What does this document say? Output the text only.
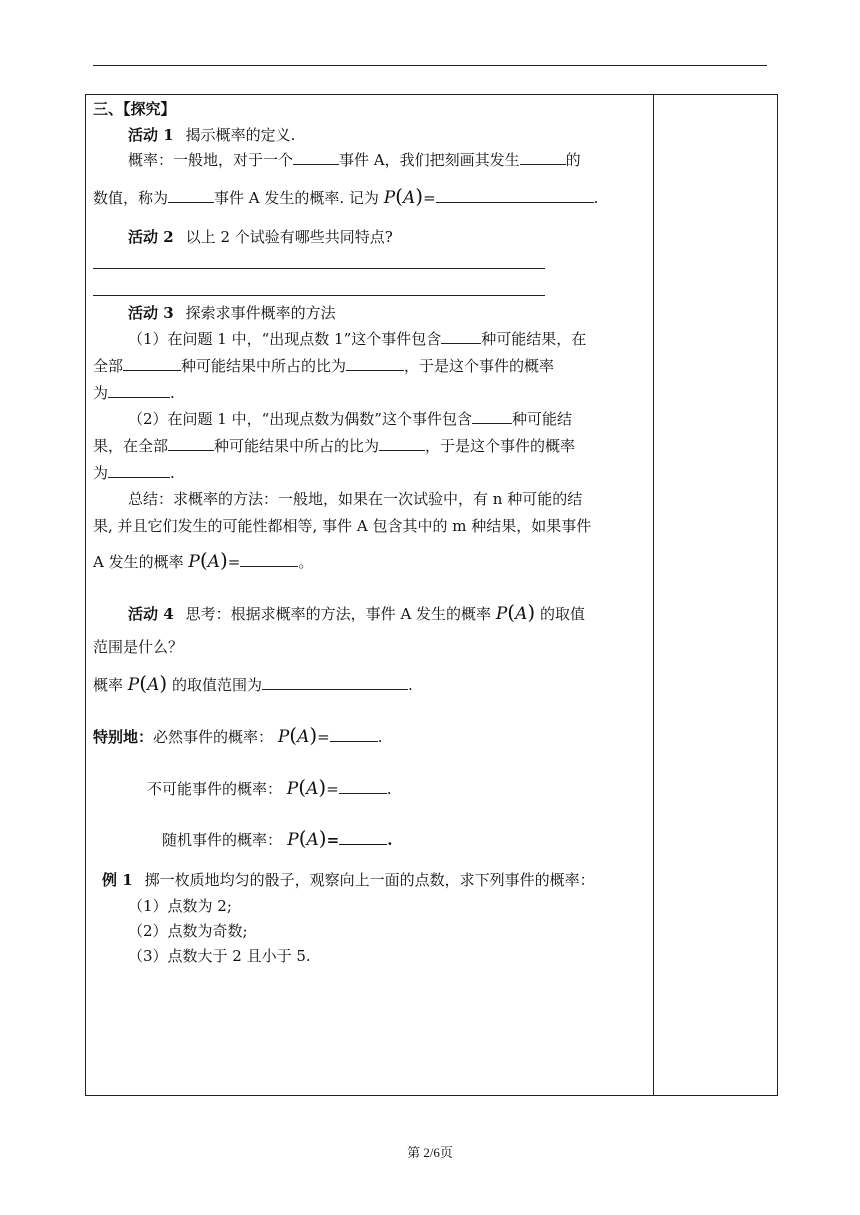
三、【探究】
活动 1 揭示概率的定义.
概率：一般地，对于一个	事件 A，我们把刻画其发生	的
数值，称为	事件 A 发生的概率. 记为 P(A)=	.
活动 2 以上 2 个试验有哪些共同特点?
活动 3 探索求事件概率的方法
（1）在问题 1 中，“出现点数 1”这个事件包含	种可能结果，在
全部	种可能结果中所占的比为	，于是这个事件的概率
为	.
（2）在问题 1 中，“出现点数为偶数”这个事件包含	种可能结
果，在全部	种可能结果中所占的比为	，于是这个事件的概率
为	.
总结：求概率的方法：一般地，如果在一次试验中，有 n 种可能的结
果, 并且它们发生的可能性都相等, 事件 A 包含其中的 m 种结果，如果事件
A 发生的概率 P(A)=	。
活动 4 思考：根据求概率的方法，事件 A 发生的概率 P(A) 的取值
范围是什么？
概率 P(A) 的取值范围为	.
特别地：必然事件的概率： P(A)=	.
不可能事件的概率： P(A)=	.
随机事件的概率： P(A)=	.
例 1 掷一枚质地均匀的骰子，观察向上一面的点数，求下列事件的概率：
（1）点数为 2;
（2）点数为奇数;
（3）点数大于 2 且小于 5.
第 2/6页
